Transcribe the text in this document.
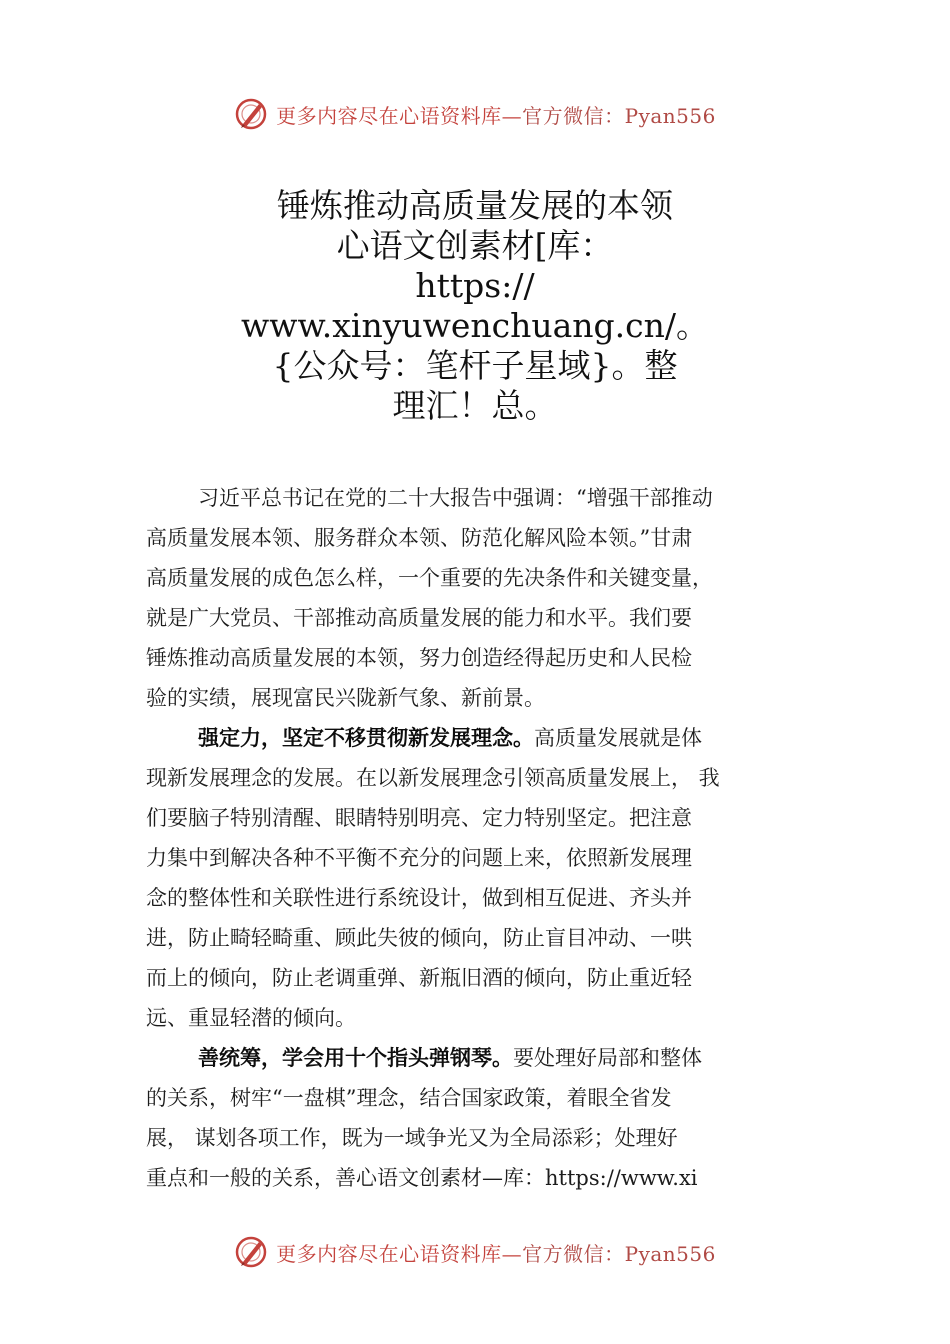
更多内容尽在心语资料库—官方微信：Pyan556
锤炼推动高质量发展的本领
心语文创素材[库：
https://
www.xinyuwenchuang.cn/。
{公众号：笔杆子星域}。整
理汇！总。
习近平总书记在党的二十大报告中强调：“增强干部推动
高质量发展本领、服务群众本领、防范化解风险本领。”甘肃
高质量发展的成色怎么样，一个重要的先决条件和关键变量，
就是广大党员、干部推动高质量发展的能力和水平。我们要
锤炼推动高质量发展的本领，努力创造经得起历史和人民检
验的实绩，展现富民兴陇新气象、新前景。
强定力，坚定不移贯彻新发展理念。高质量发展就是体
现新发展理念的发展。在以新发展理念引领高质量发展上， 我
们要脑子特别清醒、眼睛特别明亮、定力特别坚定。把注意
力集中到解决各种不平衡不充分的问题上来，依照新发展理
念的整体性和关联性进行系统设计，做到相互促进、齐头并
进，防止畸轻畸重、顾此失彼的倾向，防止盲目冲动、一哄
而上的倾向，防止老调重弹、新瓶旧酒的倾向，防止重近轻
远、重显轻潜的倾向。
善统筹，学会用十个指头弹钢琴。要处理好局部和整体
的关系，树牢“一盘棋”理念，结合国家政策，着眼全省发
展， 谋划各项工作，既为一域争光又为全局添彩；处理好
重点和一般的关系，善心语文创素材—库：https://www.xi
更多内容尽在心语资料库—官方微信：Pyan556
